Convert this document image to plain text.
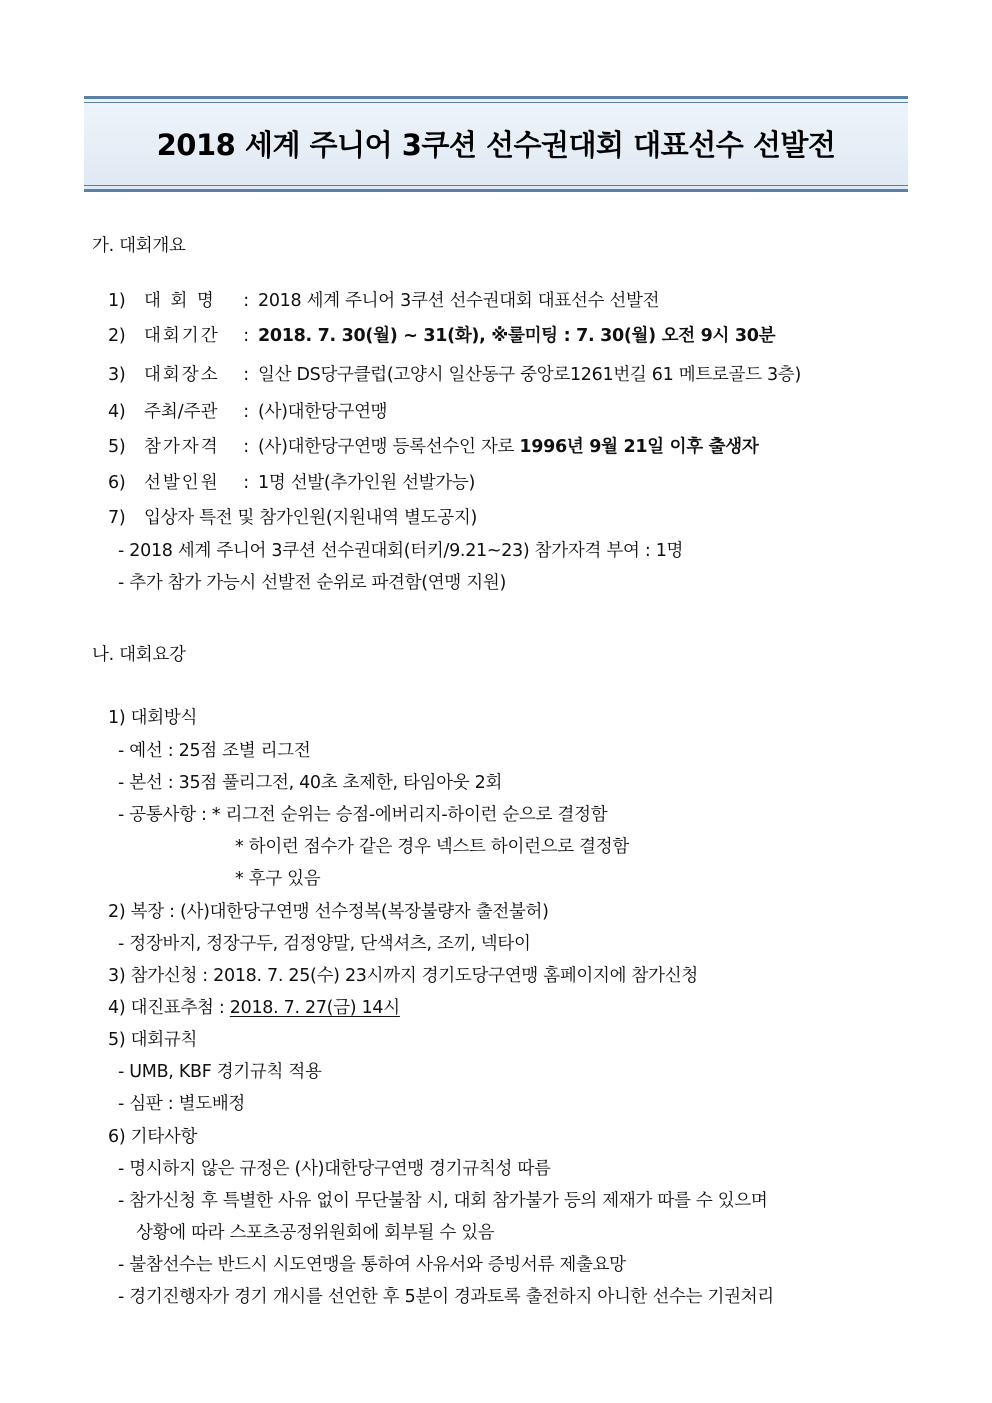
2018 세계 주니어 3쿠션 선수권대회 대표선수 선발전
가. 대회개요
1) 대 회 명 : 2018 세계 주니어 3쿠션 선수권대회 대표선수 선발전
2) 대회기간 : 2018. 7. 30(월) ~ 31(화), ※룰미팅 : 7. 30(월) 오전 9시 30분
3) 대회장소 : 일산 DS당구클럽(고양시 일산동구 중앙로1261번길 61 메트로골드 3층)
4) 주최/주관 : (사)대한당구연맹
5) 참가자격 : (사)대한당구연맹 등록선수인 자로 1996년 9월 21일 이후 출생자
6) 선발인원 : 1명 선발(추가인원 선발가능)
7) 입상자 특전 및 참가인원(지원내역 별도공지)
- 2018 세계 주니어 3쿠션 선수권대회(터키/9.21~23) 참가자격 부여 : 1명
- 추가 참가 가능시 선발전 순위로 파견함(연맹 지원)
나. 대회요강
1) 대회방식
- 예선 : 25점 조별 리그전
- 본선 : 35점 풀리그전, 40초 초제한, 타임아웃 2회
- 공통사항 : * 리그전 순위는 승점-에버리지-하이런 순으로 결정함
* 하이런 점수가 같은 경우 넥스트 하이런으로 결정함
* 후구 있음
2) 복장 : (사)대한당구연맹 선수정복(복장불량자 출전불허)
- 정장바지, 정장구두, 검정양말, 단색셔츠, 조끼, 넥타이
3) 참가신청 : 2018. 7. 25(수) 23시까지 경기도당구연맹 홈페이지에 참가신청
4) 대진표추첨 : 2018. 7. 27(금) 14시
5) 대회규칙
- UMB, KBF 경기규칙 적용
- 심판 : 별도배정
6) 기타사항
- 명시하지 않은 규정은 (사)대한당구연맹 경기규칙성 따름
- 참가신청 후 특별한 사유 없이 무단불참 시, 대회 참가불가 등의 제재가 따를 수 있으며
상황에 따라 스포츠공정위원회에 회부될 수 있음
- 불참선수는 반드시 시도연맹을 통하여 사유서와 증빙서류 제출요망
- 경기진행자가 경기 개시를 선언한 후 5분이 경과토록 출전하지 아니한 선수는 기권처리
